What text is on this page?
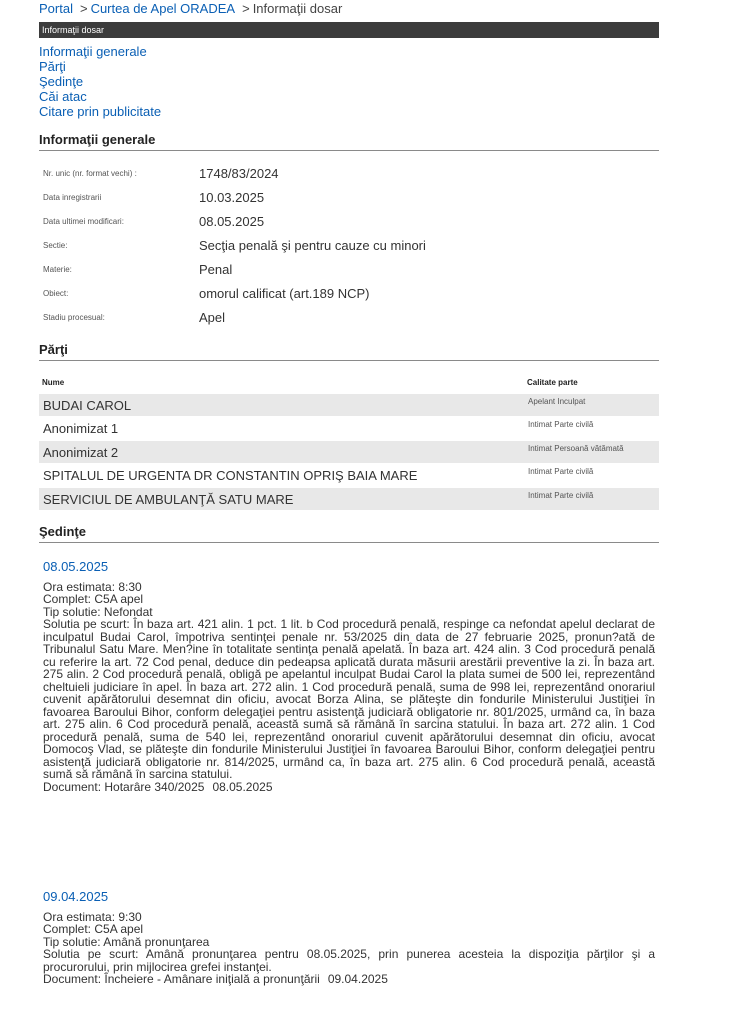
Portal > Curtea de Apel ORADEA > Informaţii dosar
Informaţii dosar
Informaţii generale
Părţi
Şedinţe
Căi atac
Citare prin publicitate
Informaţii generale
Nr. unic (nr. format vechi) :	1748/83/2024
Data inregistrarii	10.03.2025
Data ultimei modificari:	08.05.2025
Sectie:	Secţia penală şi pentru cauze cu minori
Materie:	Penal
Obiect:	omorul calificat (art.189 NCP)
Stadiu procesual:	Apel
Părţi
Nume	Calitate parte
BUDAI CAROL	Apelant Inculpat
Anonimizat 1	Intimat Parte civilă
Anonimizat 2	Intimat Persoană vătămată
SPITALUL DE URGENTA DR CONSTANTIN OPRIŞ BAIA MARE	Intimat Parte civilă
SERVICIUL DE AMBULANŢĂ SATU MARE	Intimat Parte civilă
Şedinţe
08.05.2025
Ora estimata: 8:30
Complet: C5A apel
Tip solutie: Nefondat
Solutia pe scurt: În baza art. 421 alin. 1 pct. 1 lit. b Cod procedură penală, respinge ca nefondat apelul declarat de inculpatul Budai Carol, împotriva sentinţei penale nr. 53/2025 din data de 27 februarie 2025, pronun?ată de Tribunalul Satu Mare. Men?ine în totalitate sentinţa penală apelată. În baza art. 424 alin. 3 Cod procedură penală cu referire la art. 72 Cod penal, deduce din pedeapsa aplicată durata măsurii arestării preventive la zi. În baza art. 275 alin. 2 Cod procedură penală, obligă pe apelantul inculpat Budai Carol la plata sumei de 500 lei, reprezentând cheltuieli judiciare în apel. În baza art. 272 alin. 1 Cod procedură penală, suma de 998 lei, reprezentând onorariul cuvenit apărătorului desemnat din oficiu, avocat Borza Alina, se plăteşte din fondurile Ministerului Justiţiei în favoarea Baroului Bihor, conform delegaţiei pentru asistenţă judiciară obligatorie nr. 801/2025, urmând ca, în baza art. 275 alin. 6 Cod procedură penală, această sumă să rămână în sarcina statului. În baza art. 272 alin. 1 Cod procedură penală, suma de 540 lei, reprezentând onorariul cuvenit apărătorului desemnat din oficiu, avocat Domocoş Vlad, se plăteşte din fondurile Ministerului Justiţiei în favoarea Baroului Bihor, conform delegaţiei pentru asistenţă judiciară obligatorie nr. 814/2025, urmând ca, în baza art. 275 alin. 6 Cod procedură penală, această sumă să rămână în sarcina statului.
Document: Hotarâre 340/2025 08.05.2025
09.04.2025
Ora estimata: 9:30
Complet: C5A apel
Tip solutie: Amână pronunţarea
Solutia pe scurt: Amână pronunţarea pentru 08.05.2025, prin punerea acesteia la dispoziţia părţilor şi a procurorului, prin mijlocirea grefei instanţei.
Document: Încheiere - Amânare iniţială a pronunţării 09.04.2025
